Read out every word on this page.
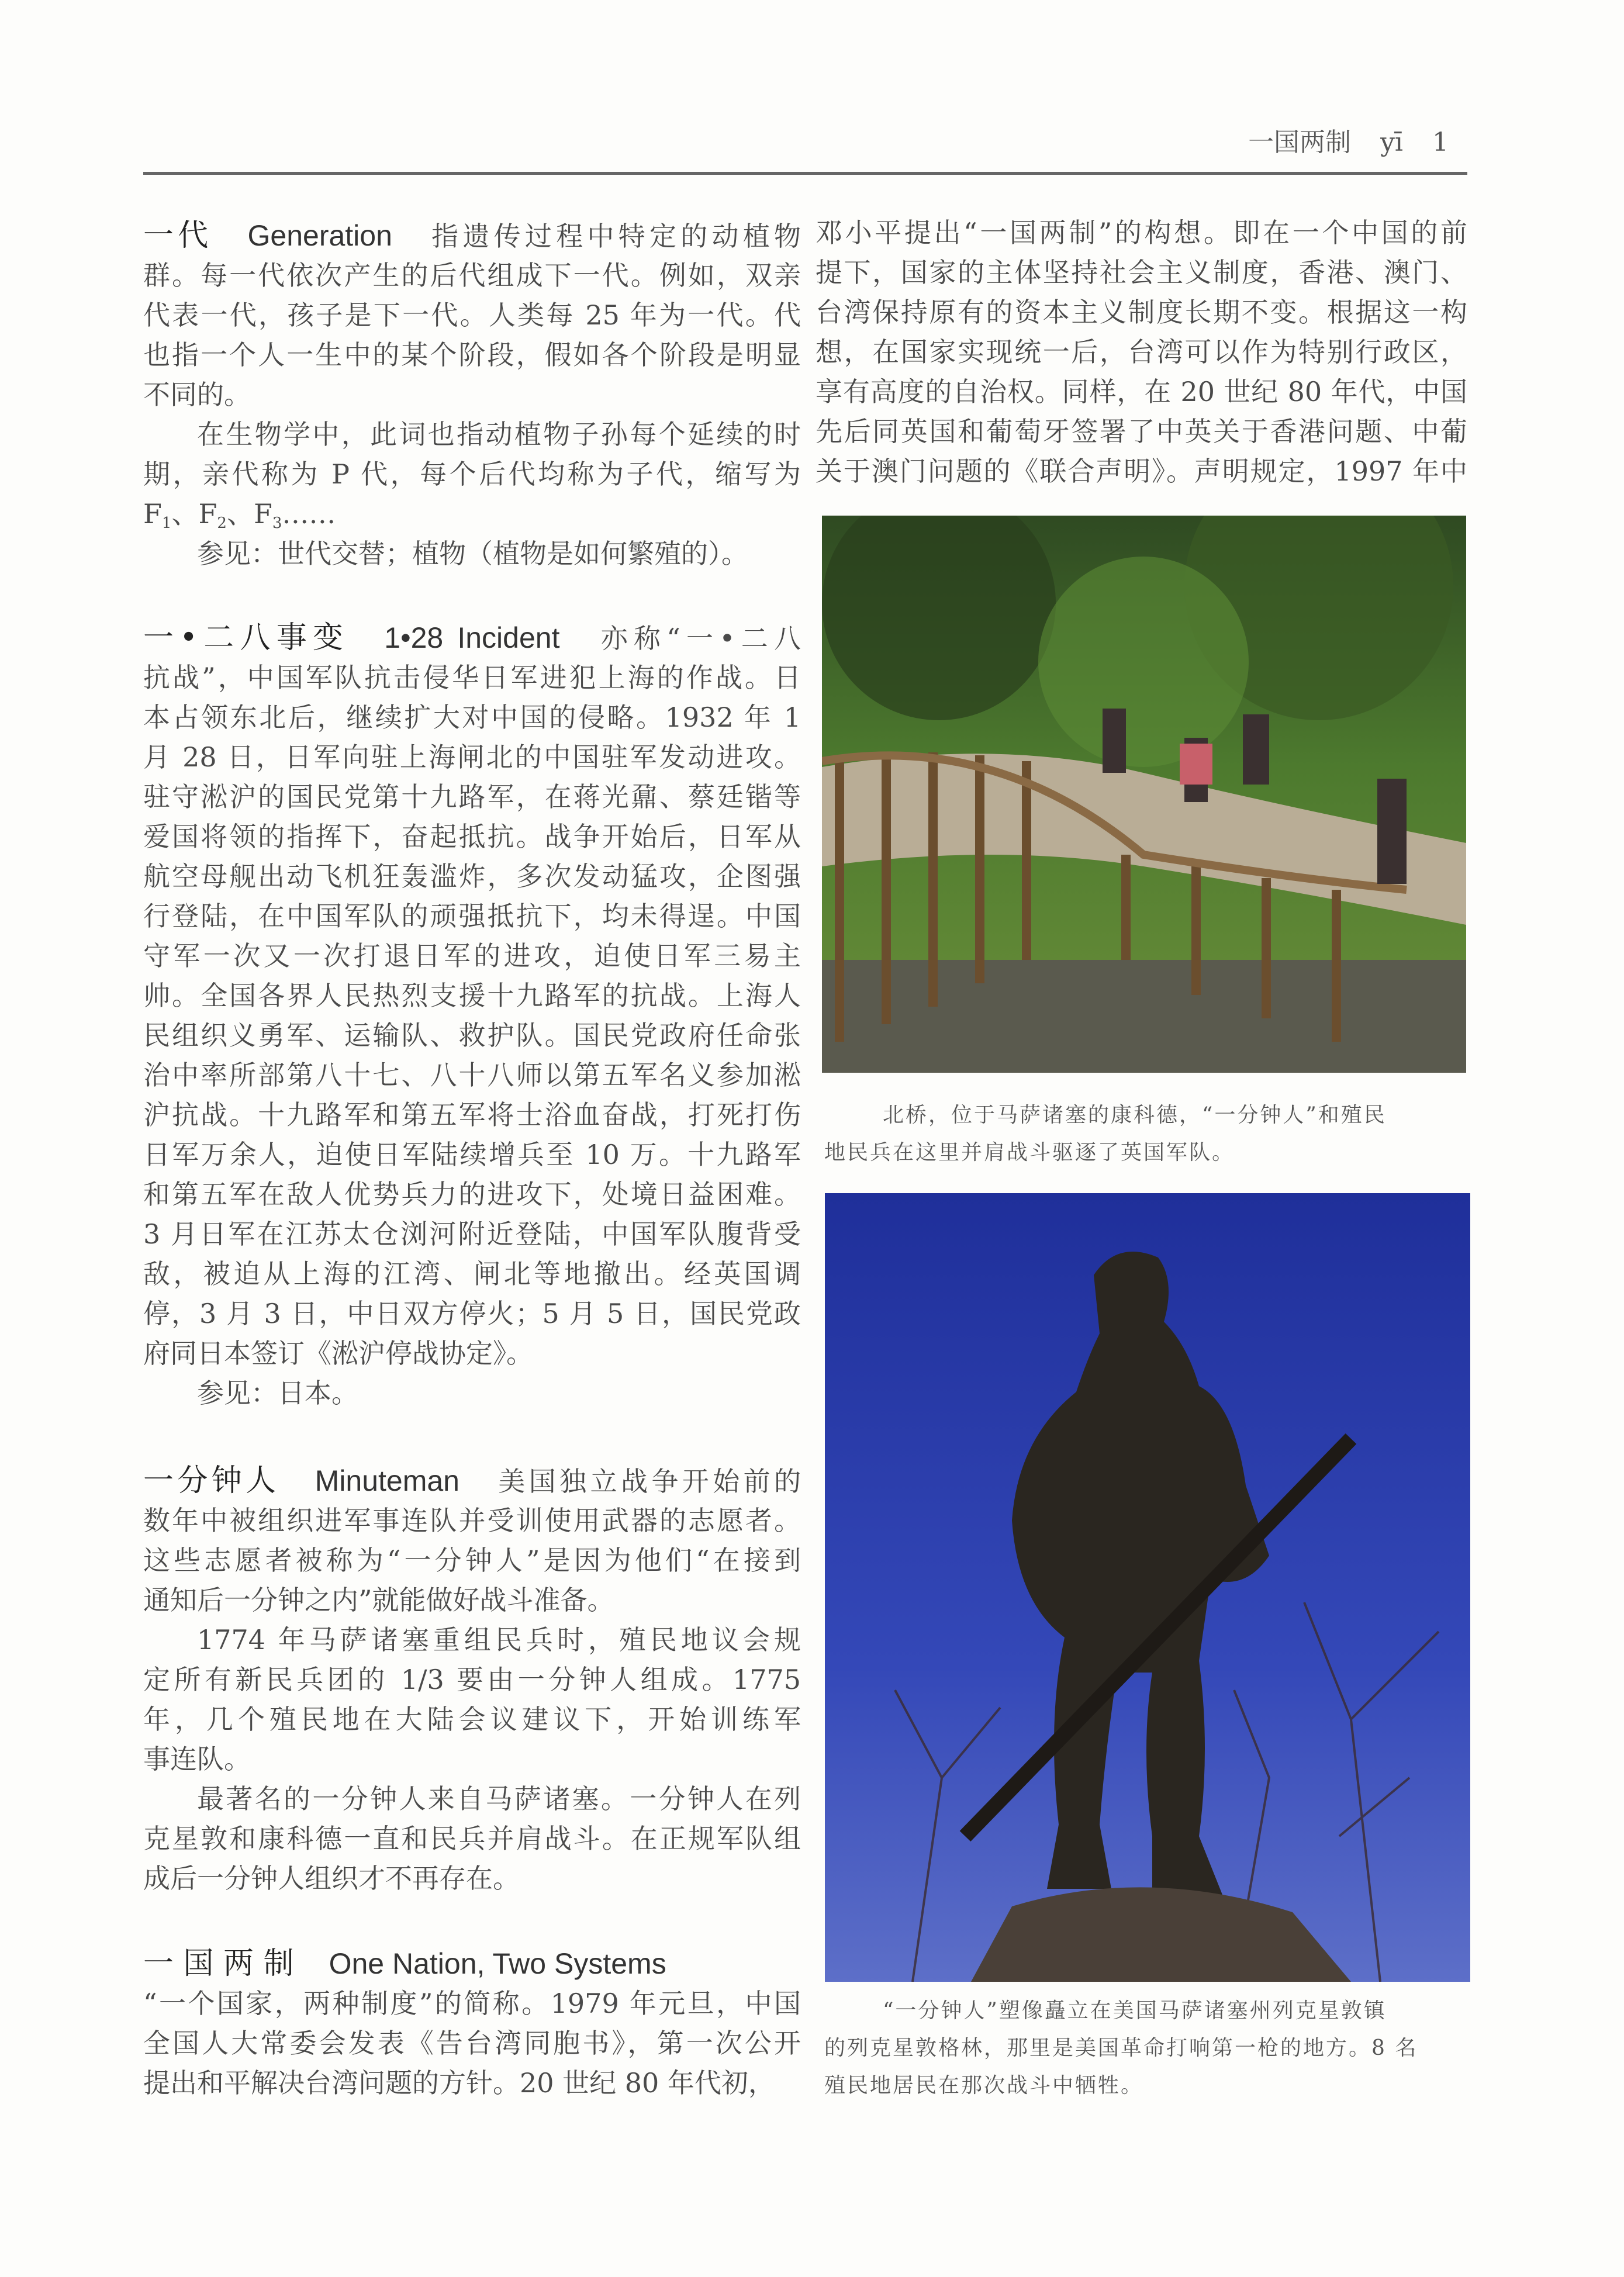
一国两制 yī 1
一代 Generation 指遗传过程中特定的动植物
群。每一代依次产生的后代组成下一代。例如，双亲
代表一代，孩子是下一代。人类每 25 年为一代。代
也指一个人一生中的某个阶段，假如各个阶段是明显
不同的。
在生物学中，此词也指动植物子孙每个延续的时
期，亲代称为 P 代，每个后代均称为子代，缩写为
$F_1$、$F_2$、$F_3\dots\dots$
参见：世代交替；植物（植物是如何繁殖的）。
一•二八事变 1•28 Incident 亦称“一•二八
抗战”，中国军队抗击侵华日军进犯上海的作战。日
本占领东北后，继续扩大对中国的侵略。1932 年 1
月 28 日，日军向驻上海闸北的中国驻军发动进攻。
驻守淞沪的国民党第十九路军，在蒋光鼐、蔡廷锴等
爱国将领的指挥下，奋起抵抗。战争开始后，日军从
航空母舰出动飞机狂轰滥炸，多次发动猛攻，企图强
行登陆，在中国军队的顽强抵抗下，均未得逞。中国
守军一次又一次打退日军的进攻，迫使日军三易主
帅。全国各界人民热烈支援十九路军的抗战。上海人
民组织义勇军、运输队、救护队。国民党政府任命张
治中率所部第八十七、八十八师以第五军名义参加淞
沪抗战。十九路军和第五军将士浴血奋战，打死打伤
日军万余人，迫使日军陆续增兵至 10 万。十九路军
和第五军在敌人优势兵力的进攻下，处境日益困难。
3 月日军在江苏太仓浏河附近登陆，中国军队腹背受
敌，被迫从上海的江湾、闸北等地撤出。经英国调
停，3 月 3 日，中日双方停火；5 月 5 日，国民党政
府同日本签订《淞沪停战协定》。
参见：日本。
一分钟人 Minuteman 美国独立战争开始前的
数年中被组织进军事连队并受训使用武器的志愿者。
这些志愿者被称为“一分钟人”是因为他们“在接到
通知后一分钟之内”就能做好战斗准备。
1774 年马萨诸塞重组民兵时，殖民地议会规
定所有新民兵团的 1/3 要由一分钟人组成。1775
年，几个殖民地在大陆会议建议下，开始训练军
事连队。
最著名的一分钟人来自马萨诸塞。一分钟人在列
克星敦和康科德一直和民兵并肩战斗。在正规军队组
成后一分钟人组织才不再存在。
一 国 两 制 One Nation, Two Systems
“一个国家，两种制度”的简称。1979 年元旦，中国
全国人大常委会发表《告台湾同胞书》，第一次公开
提出和平解决台湾问题的方针。20 世纪 80 年代初，
邓小平提出“一国两制”的构想。即在一个中国的前
提下，国家的主体坚持社会主义制度，香港、澳门、
台湾保持原有的资本主义制度长期不变。根据这一构
想，在国家实现统一后，台湾可以作为特别行政区，
享有高度的自治权。同样，在 20 世纪 80 年代，中国
先后同英国和葡萄牙签署了中英关于香港问题、中葡
关于澳门问题的《联合声明》。声明规定，1997 年中
北桥，位于马萨诸塞的康科德，“一分钟人”和殖民
地民兵在这里并肩战斗驱逐了英国军队。
“一分钟人”塑像矗立在美国马萨诸塞州列克星敦镇
的列克星敦格林，那里是美国革命打响第一枪的地方。8 名
殖民地居民在那次战斗中牺牲。
